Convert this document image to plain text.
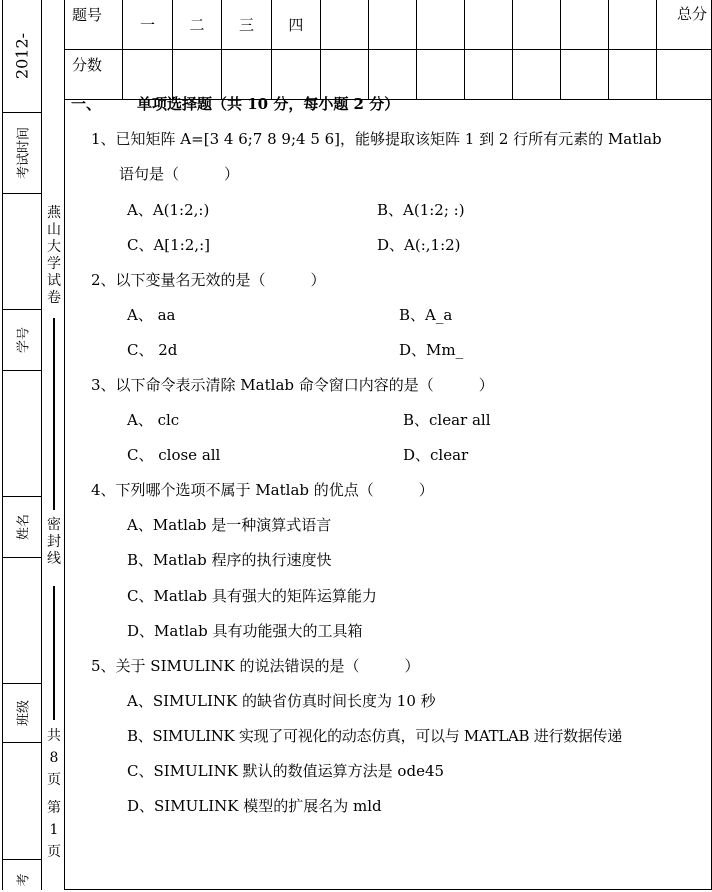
2012-
考试时间
学号
姓名
班级
考
燕
山
大
学
试
卷
密
封
线
共
8
页
第
1
页
题号	一	二	三	四								总分
分数												
一、 单项选择题（共 10 分，每小题 2 分）
1、已知矩阵 A=[3 4 6;7 8 9;4 5 6]，能够提取该矩阵 1 到 2 行所有元素的 Matlab
语句是（　　　）
A、A(1:2,:)	B、A(1:2; :)
C、A[1:2,:]	D、A(:,1:2)
2、以下变量名无效的是（　　　）
A、 aa	B、A_a
C、 2d	D、Mm_
3、以下命令表示清除 Matlab 命令窗口内容的是（　　　）
A、 clc	B、clear all
C、 close all	D、clear
4、下列哪个选项不属于 Matlab 的优点（　　　）
A、Matlab 是一种演算式语言
B、Matlab 程序的执行速度快
C、Matlab 具有强大的矩阵运算能力
D、Matlab 具有功能强大的工具箱
5、关于 SIMULINK 的说法错误的是（　　　）
A、SIMULINK 的缺省仿真时间长度为 10 秒
B、SIMULINK 实现了可视化的动态仿真，可以与 MATLAB 进行数据传递
C、SIMULINK 默认的数值运算方法是 ode45
D、SIMULINK 模型的扩展名为 mld
